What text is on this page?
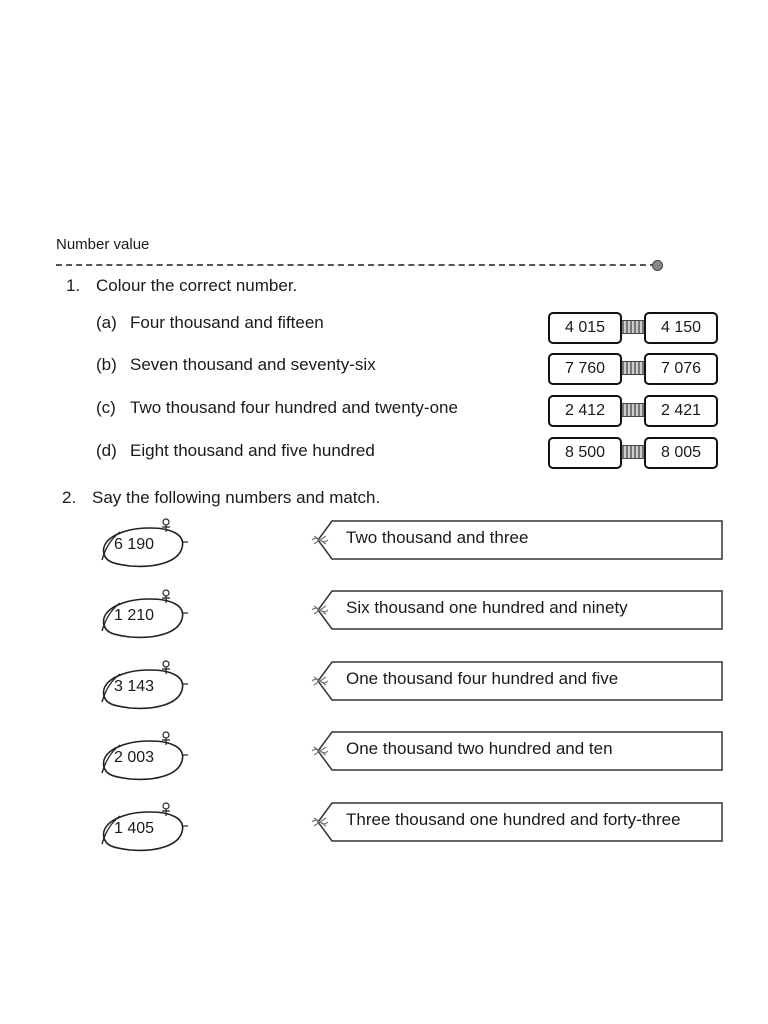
Number value
1. Colour the correct number.
(a) Four thousand and fifteen	4 015	4 150
(b) Seven thousand and seventy-six	7 760	7 076
(c) Two thousand four hundred and twenty-one	2 412	2 421
(d) Eight thousand and five hundred	8 500	8 005
2. Say the following numbers and match.
6 190
1 210
3 143
2 003
1 405
Two thousand and three
Six thousand one hundred and ninety
One thousand four hundred and five
One thousand two hundred and ten
Three thousand one hundred and forty-three
